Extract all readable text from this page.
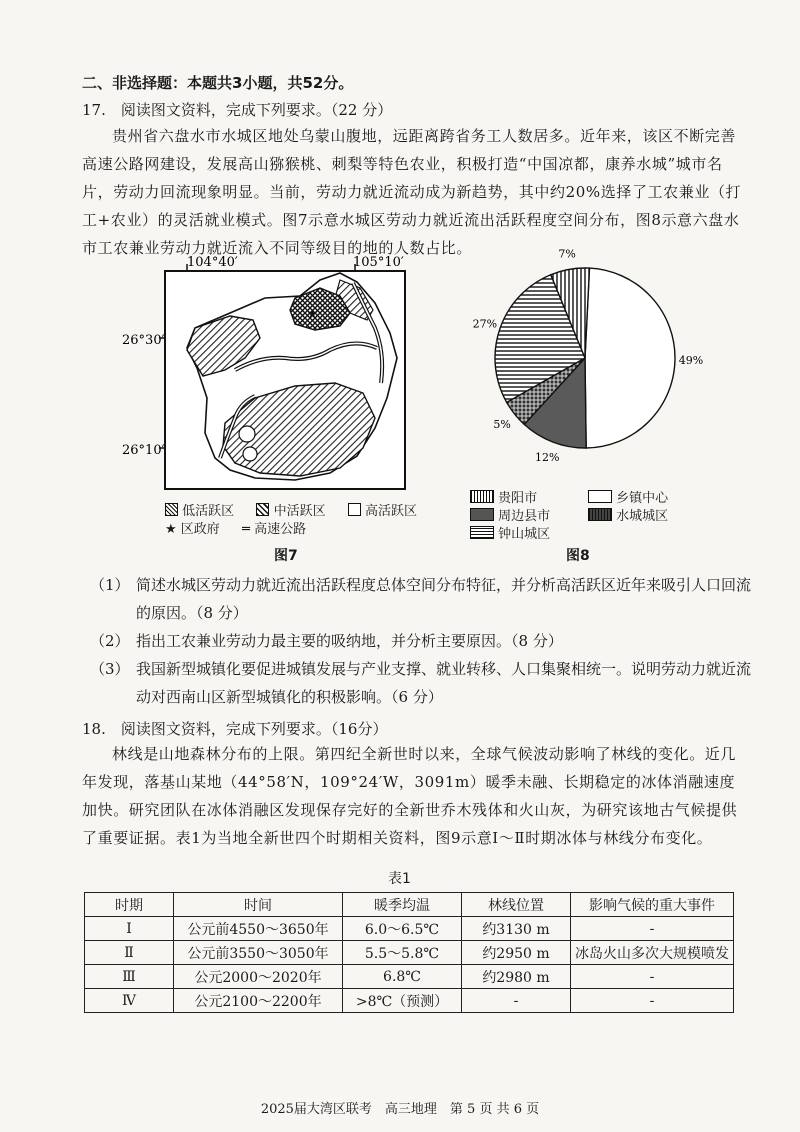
二、非选择题：本题共3小题，共52分。
17.　阅读图文资料，完成下列要求。（22 分）

贵州省六盘水市水城区地处乌蒙山腹地，远距离跨省务工人数居多。近年来，该区不断完善高速公路网建设，发展高山猕猴桃、刺梨等特色农业，积极打造“中国凉都，康养水城”城市名片，劳动力回流现象明显。当前，劳动力就近流动成为新趋势，其中约20%选择了工农兼业（打工+农业）的灵活就业模式。图7示意水城区劳动力就近流出活跃程度空间分布，图8示意六盘水市工农兼业劳动力就近流入不同等级目的地的人数占比。

104°40′	105°10′
26°30′
26°10′
★
低活跃区	中活跃区	高活跃区
★ 区政府 ═ 高速公路
图7
49%
12%
5%
27%
7%
贵阳市	乡镇中心
周边县市	水城城区
钟山城区
图8
（1） 简述水城区劳动力就近流出活跃程度总体空间分布特征，并分析高活跃区近年来吸引人口回流的原因。（8 分）
（2） 指出工农兼业劳动力最主要的吸纳地，并分析主要原因。（8 分）
（3） 我国新型城镇化要促进城镇发展与产业支撑、就业转移、人口集聚相统一。说明劳动力就近流动对西南山区新型城镇化的积极影响。（6 分）
18.　阅读图文资料，完成下列要求。（16分）

林线是山地森林分布的上限。第四纪全新世时以来，全球气候波动影响了林线的变化。近几年发现，落基山某地（44°58′N，109°24′W，3091m）暖季未融、长期稳定的冰体消融速度加快。研究团队在冰体消融区发现保存完好的全新世乔木残体和火山灰，为研究该地古气候提供了重要证据。表1为当地全新世四个时期相关资料，图9示意Ⅰ～Ⅱ时期冰体与林线分布变化。

表1
时期	时间	暖季均温	林线位置	影响气候的重大事件
Ⅰ	公元前4550～3650年	6.0～6.5℃	约3130 m	-
Ⅱ	公元前3550～3050年	5.5～5.8℃	约2950 m	冰岛火山多次大规模喷发
Ⅲ	公元2000～2020年	6.8℃	约2980 m	-
Ⅳ	公元2100～2200年	>8℃（预测）	-	-
2025届大湾区联考　高三地理　第 5 页 共 6 页
